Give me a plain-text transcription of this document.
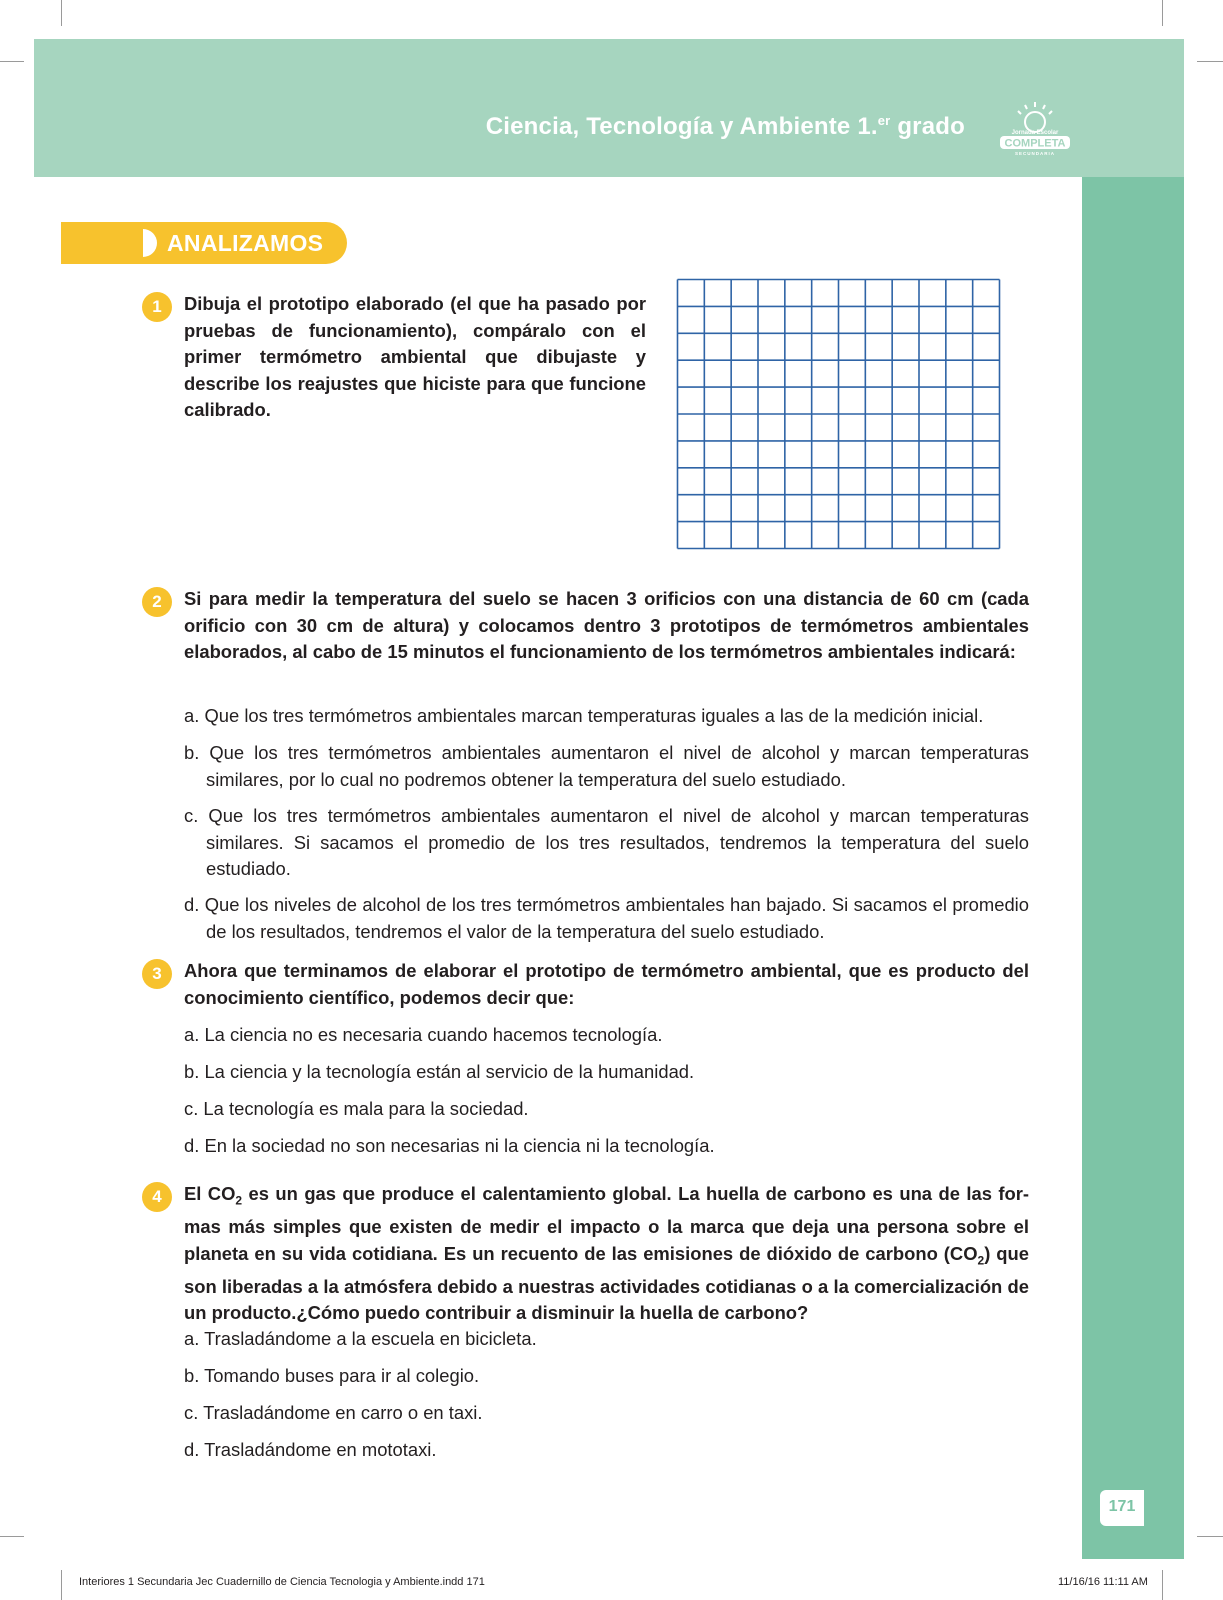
Ciencia, Tecnología y Ambiente 1.$^{er}$ grado	Jornada Escolar
COMPLETA
SECUNDARIA
171
ANALIZAMOS
1	Dibuja el prototipo elaborado (el que ha pasado por pruebas de funcionamiento), compáralo con el primer termómetro ambiental que dibujaste y describe los reajustes que hiciste para que funcione calibrado.
2	Si para medir la temperatura del suelo se hacen 3 orificios con una distancia de 60 cm (cada orificio con 30 cm de altura) y colocamos dentro 3 prototipos de termómetros ambientales elaborados, al cabo de 15 minutos el funcionamiento de los termómetros ambientales indicará:
a. Que los tres termómetros ambientales marcan temperaturas iguales a las de la medición inicial.
b. Que los tres termómetros ambientales aumentaron el nivel de alcohol y marcan temperaturas similares, por lo cual no podremos obtener la temperatura del suelo estudiado.
c. Que los tres termómetros ambientales aumentaron el nivel de alcohol y marcan temperaturas similares. Si sacamos el promedio de los tres resultados, tendremos la temperatura del suelo estudiado.
d. Que los niveles de alcohol de los tres termómetros ambientales han bajado. Si sacamos el promedio de los resultados, tendremos el valor de la temperatura del suelo estudiado.
3	Ahora que terminamos de elaborar el prototipo de termómetro ambiental, que es producto del conocimiento científico, podemos decir que:
a. La ciencia no es necesaria cuando hacemos tecnología.
b. La ciencia y la tecnología están al servicio de la humanidad.
c. La tecnología es mala para la sociedad.
d. En la sociedad no son necesarias ni la ciencia ni la tecnología.
4	El $CO_2$ es un gas que produce el calentamiento global. La huella de carbono es una de las formas más simples que existen de medir el impacto o la marca que deja una persona sobre el planeta en su vida cotidiana. Es un recuento de las emisiones de dióxido de carbono $(CO_2)$ que son liberadas a la atmósfera debido a nuestras actividades cotidianas o a la comercialización de un producto.¿Cómo puedo contribuir a disminuir la huella de carbono?
a. Trasladándome a la escuela en bicicleta.
b. Tomando buses para ir al colegio.
c. Trasladándome en carro o en taxi.
d. Trasladándome en mototaxi.
Interiores 1 Secundaria Jec Cuadernillo de Ciencia Tecnologia y Ambiente.indd 171	11/16/16 11:11 AM
